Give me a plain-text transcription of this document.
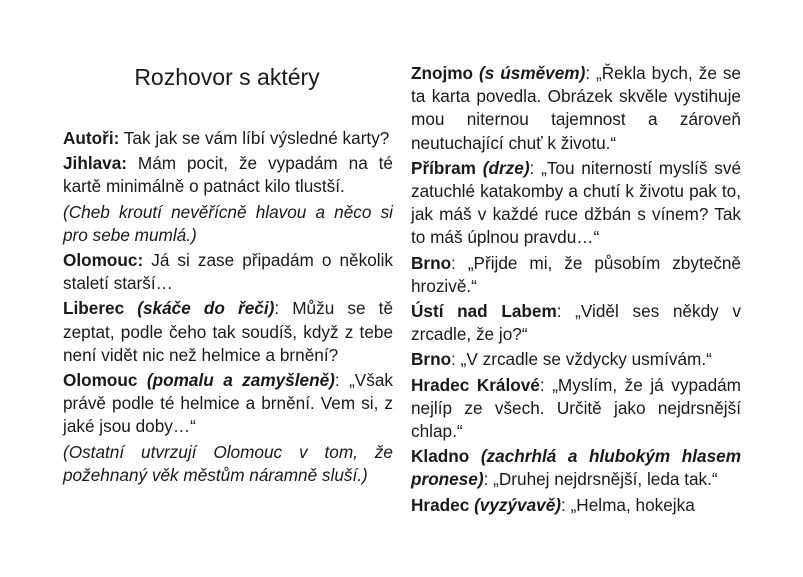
Rozhovor s aktéry

Autoři: Tak jak se vám líbí výsledné karty?

Jihlava: Mám pocit, že vypadám na té kartě minimálně o patnáct kilo tlustší.

(Cheb kroutí nevěřícně hlavou a něco si pro sebe mumlá.)

Olomouc: Já si zase připadám o několik staletí starší…

Liberec (skáče do řeči): Můžu se tě zeptat, podle čeho tak soudíš, když z tebe není vidět nic než helmice a brnění?

Olomouc (pomalu a zamyšleně): „Však právě podle té helmice a brnění. Vem si, z jaké jsou doby…“

(Ostatní utvrzují Olomouc v tom, že požehnaný věk městům náramně sluší.)

Znojmo (s úsměvem): „Řekla bych, že se ta karta povedla. Obrázek skvěle vystihuje mou niternou tajemnost a zároveň neutuchající chuť k životu.“

Příbram (drze): „Tou niterností myslíš své zatuchlé katakomby a chutí k životu pak to, jak máš v každé ruce džbán s vínem? Tak to máš úplnou pravdu…“

Brno: „Přijde mi, že působím zbytečně hrozivě.“

Ústí nad Labem: „Viděl ses někdy v zrcadle, že jo?“

Brno: „V zrcadle se vždycky usmívám.“

Hradec Králové: „Myslím, že já vypadám nejlíp ze všech. Určitě jako nejdrsnější chlap.“

Kladno (zachrhlá a hlubokým hlasem pronese): „Druhej nejdrsnější, leda tak.“

Hradec (vyzývavě): „Helma, hokejka
